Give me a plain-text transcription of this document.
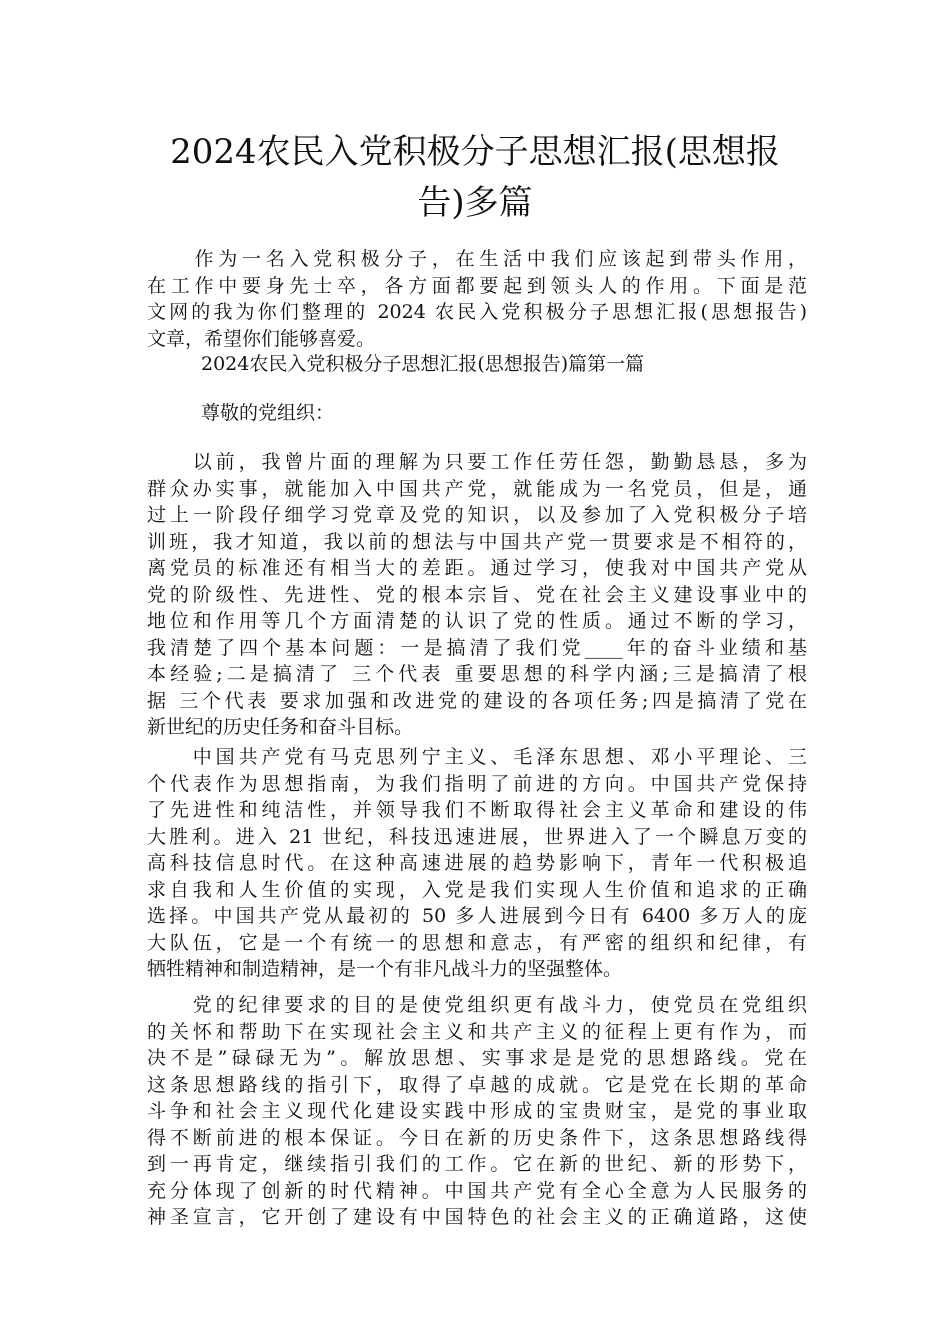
2024农民入党积极分子思想汇报(思想报
告)多篇
　　作为一名入党积极分子，在生活中我们应该起到带头作用，
在工作中要身先士卒，各方面都要起到领头人的作用。下面是范
文网的我为你们整理的 2024 农民入党积极分子思想汇报(思想报告)
文章，希望你们能够喜爱。
2024农民入党积极分子思想汇报(思想报告)篇第一篇
尊敬的党组织：
　　以前，我曾片面的理解为只要工作任劳任怨，勤勤恳恳，多为
群众办实事，就能加入中国共产党，就能成为一名党员，但是，通
过上一阶段仔细学习党章及党的知识，以及参加了入党积极分子培
训班，我才知道，我以前的想法与中国共产党一贯要求是不相符的，
离党员的标准还有相当大的差距。通过学习，使我对中国共产党从
党的阶级性、先进性、党的根本宗旨、党在社会主义建设事业中的
地位和作用等几个方面清楚的认识了党的性质。通过不断的学习，
我清楚了四个基本问题：一是搞清了我们党____年的奋斗业绩和基
本经验;二是搞清了 三个代表 重要思想的科学内涵;三是搞清了根
据 三个代表 要求加强和改进党的建设的各项任务;四是搞清了党在
新世纪的历史任务和奋斗目标。
　　中国共产党有马克思列宁主义、毛泽东思想、邓小平理论、三
个代表作为思想指南，为我们指明了前进的方向。中国共产党保持
了先进性和纯洁性，并领导我们不断取得社会主义革命和建设的伟
大胜利。进入 21 世纪，科技迅速进展，世界进入了一个瞬息万变的
高科技信息时代。在这种高速进展的趋势影响下，青年一代积极追
求自我和人生价值的实现，入党是我们实现人生价值和追求的正确
选择。中国共产党从最初的 50 多人进展到今日有 6400 多万人的庞
大队伍，它是一个有统一的思想和意志，有严密的组织和纪律，有
牺牲精神和制造精神，是一个有非凡战斗力的坚强整体。
　　党的纪律要求的目的是使党组织更有战斗力，使党员在党组织
的关怀和帮助下在实现社会主义和共产主义的征程上更有作为，而
决不是”碌碌无为”。解放思想、实事求是是党的思想路线。党在
这条思想路线的指引下，取得了卓越的成就。它是党在长期的革命
斗争和社会主义现代化建设实践中形成的宝贵财宝，是党的事业取
得不断前进的根本保证。今日在新的历史条件下，这条思想路线得
到一再肯定，继续指引我们的工作。它在新的世纪、新的形势下，
充分体现了创新的时代精神。中国共产党有全心全意为人民服务的
神圣宣言，它开创了建设有中国特色的社会主义的正确道路，这使
